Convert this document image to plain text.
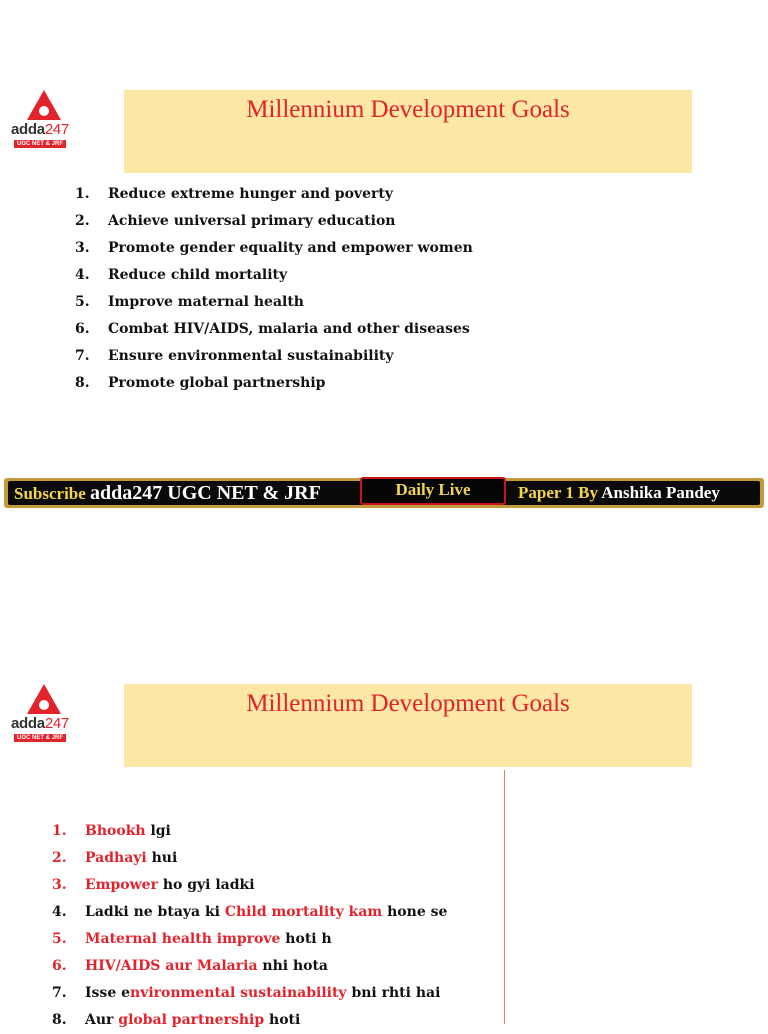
adda247
UGC NET & JRF
Millennium Development Goals
1. Reduce extreme hunger and poverty
2. Achieve universal primary education
3. Promote gender equality and empower women
4. Reduce child mortality
5. Improve maternal health
6. Combat HIV/AIDS, malaria and other diseases
7. Ensure environmental sustainability
8. Promote global partnership
Subscribe adda247 UGC NET & JRF	Paper 1 By Anshika Pandey
Daily Live
adda247
UGC NET & JRF
Millennium Development Goals
1. Bhookh lgi
2. Padhayi hui
3. Empower ho gyi ladki
4. Ladki ne btaya ki Child mortality kam hone se
5. Maternal health improve hoti h
6. HIV/AIDS aur Malaria nhi hota
7. Isse environmental sustainability bni rhti hai
8. Aur global partnership hoti
